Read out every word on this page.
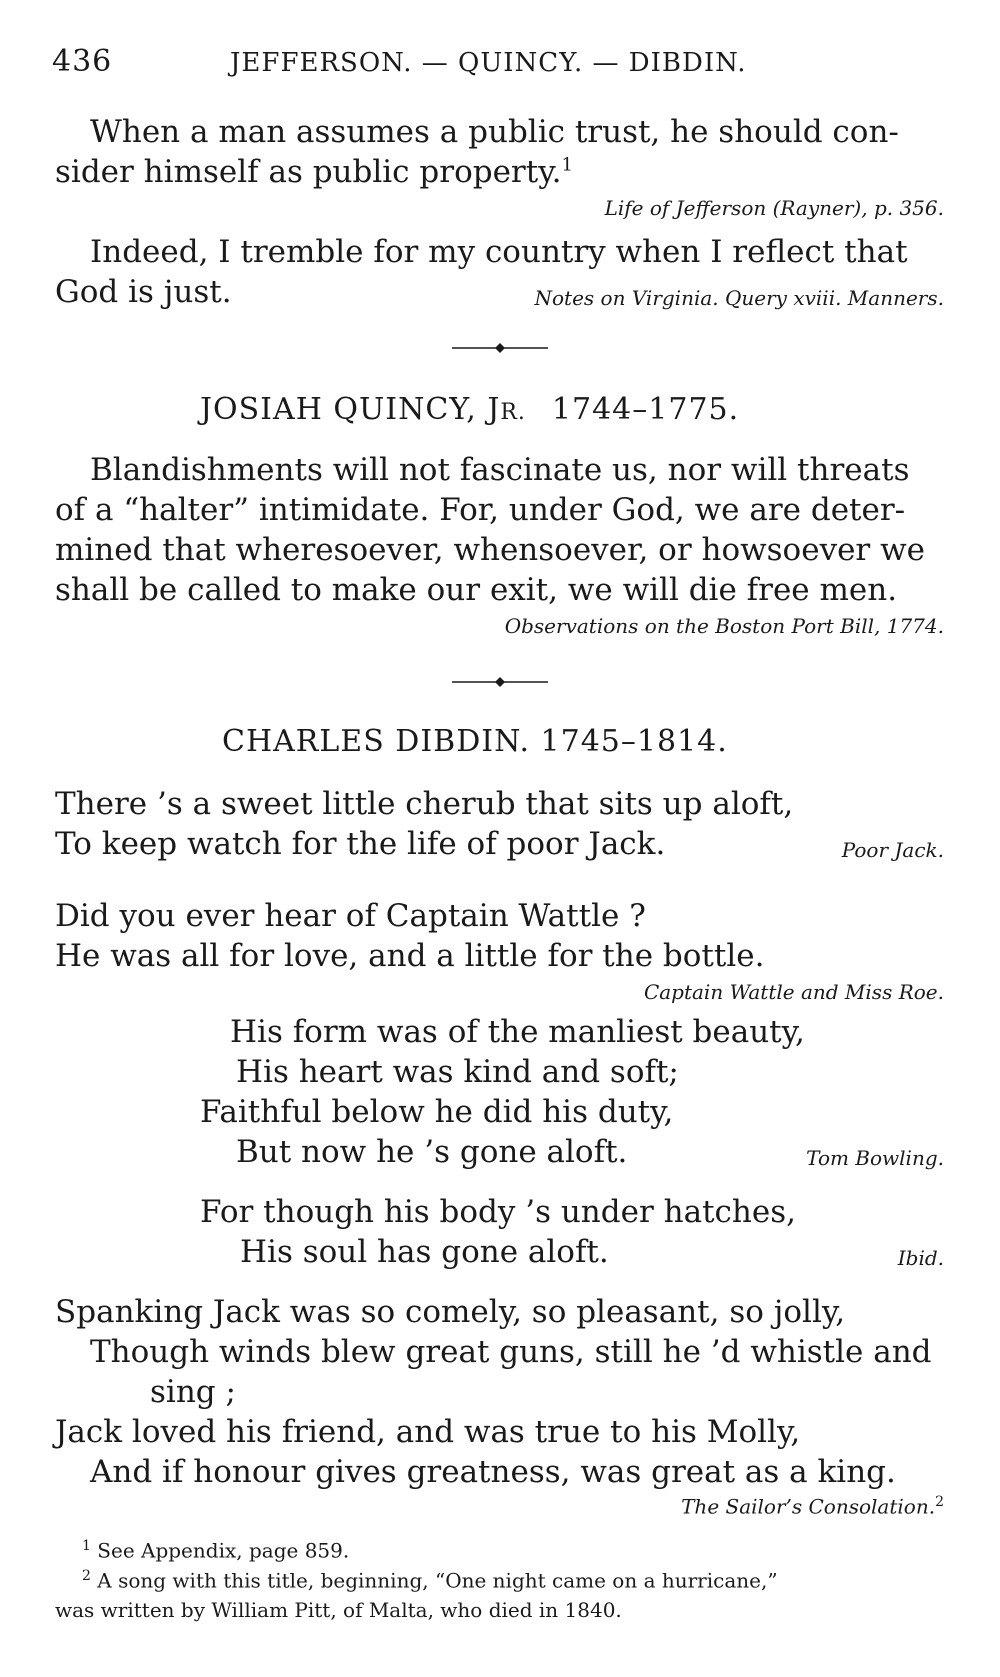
436	JEFFERSON. — QUINCY. — DIBDIN.
When a man assumes a public trust, he should con-
sider himself as public property.$^1$
Life of Jefferson (Rayner), p. 356.
Indeed, I tremble for my country when I reflect that
God is just.	Notes on Virginia. Query xviii. Manners.
JOSIAH QUINCY, JR. 1744–1775.
Blandishments will not fascinate us, nor will threats
of a “halter” intimidate. For, under God, we are deter-
mined that wheresoever, whensoever, or howsoever we
shall be called to make our exit, we will die free men.
Observations on the Boston Port Bill, 1774.
CHARLES DIBDIN. 1745–1814.
There ’s a sweet little cherub that sits up aloft,
To keep watch for the life of poor Jack.	Poor Jack.
Did you ever hear of Captain Wattle ?
He was all for love, and a little for the bottle.
Captain Wattle and Miss Roe.
His form was of the manliest beauty,
His heart was kind and soft;
Faithful below he did his duty,
But now he ’s gone aloft.	Tom Bowling.
For though his body ’s under hatches,
His soul has gone aloft.	Ibid.
Spanking Jack was so comely, so pleasant, so jolly,
Though winds blew great guns, still he ’d whistle and
sing ;
Jack loved his friend, and was true to his Molly,
And if honour gives greatness, was great as a king.
The Sailor’s Consolation.$^2$
$^1$ See Appendix, page 859.
$^2$ A song with this title, beginning, “One night came on a hurricane,”
was written by William Pitt, of Malta, who died in 1840.
